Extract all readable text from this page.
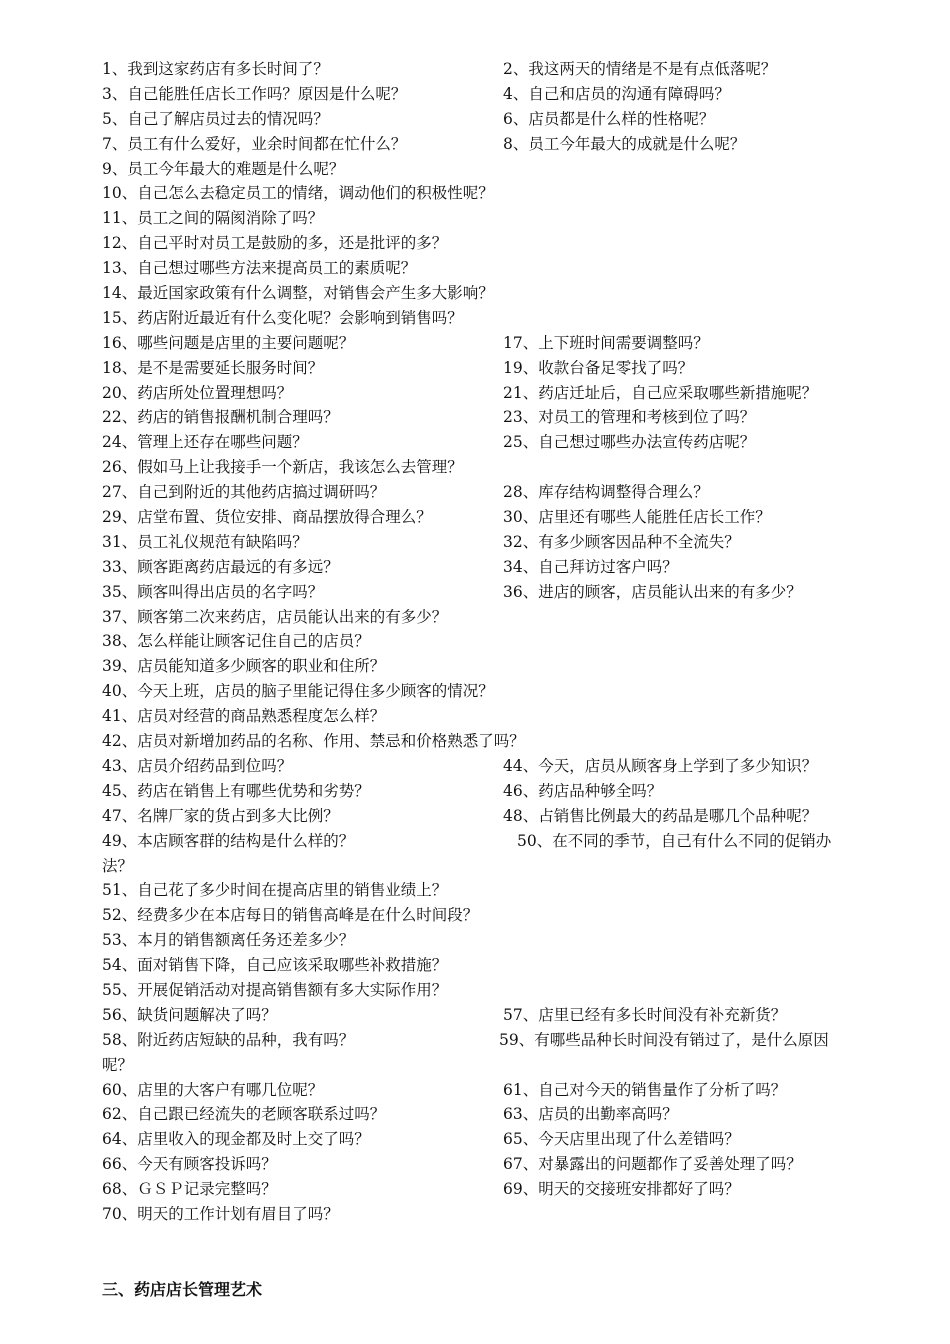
1、我到这家药店有多长时间了？	2、我这两天的情绪是不是有点低落呢？
3、自己能胜任店长工作吗？原因是什么呢？	4、自己和店员的沟通有障碍吗？
5、自己了解店员过去的情况吗？	6、店员都是什么样的性格呢？
7、员工有什么爱好，业余时间都在忙什么？	8、员工今年最大的成就是什么呢？
9、员工今年最大的难题是什么呢？
10、自己怎么去稳定员工的情绪，调动他们的积极性呢？
11、员工之间的隔阂消除了吗？
12、自己平时对员工是鼓励的多，还是批评的多？
13、自己想过哪些方法来提高员工的素质呢？
14、最近国家政策有什么调整，对销售会产生多大影响？
15、药店附近最近有什么变化呢？会影响到销售吗？
16、哪些问题是店里的主要问题呢？	17、上下班时间需要调整吗？
18、是不是需要延长服务时间？	19、收款台备足零找了吗？
20、药店所处位置理想吗？	21、药店迁址后，自己应采取哪些新措施呢？
22、药店的销售报酬机制合理吗？	23、对员工的管理和考核到位了吗？
24、管理上还存在哪些问题？	25、自己想过哪些办法宣传药店呢？
26、假如马上让我接手一个新店，我该怎么去管理？
27、自己到附近的其他药店搞过调研吗？	28、库存结构调整得合理么？
29、店堂布置、货位安排、商品摆放得合理么？	30、店里还有哪些人能胜任店长工作？
31、员工礼仪规范有缺陷吗？	32、有多少顾客因品种不全流失？
33、顾客距离药店最远的有多远？	34、自己拜访过客户吗？
35、顾客叫得出店员的名字吗？	36、进店的顾客，店员能认出来的有多少？
37、顾客第二次来药店，店员能认出来的有多少？
38、怎么样能让顾客记住自己的店员？
39、店员能知道多少顾客的职业和住所？
40、今天上班，店员的脑子里能记得住多少顾客的情况？
41、店员对经营的商品熟悉程度怎么样？
42、店员对新增加药品的名称、作用、禁忌和价格熟悉了吗？
43、店员介绍药品到位吗？	44、今天，店员从顾客身上学到了多少知识？
45、药店在销售上有哪些优势和劣势？	46、药店品种够全吗？
47、名牌厂家的货占到多大比例？	48、占销售比例最大的药品是哪几个品种呢？
49、本店顾客群的结构是什么样的？	50、在不同的季节，自己有什么不同的促销办
法？
51、自己花了多少时间在提高店里的销售业绩上？
52、经费多少在本店每日的销售高峰是在什么时间段？
53、本月的销售额离任务还差多少？
54、面对销售下降，自己应该采取哪些补救措施？
55、开展促销活动对提高销售额有多大实际作用？
56、缺货问题解决了吗？	57、店里已经有多长时间没有补充新货？
58、附近药店短缺的品种，我有吗？	59、有哪些品种长时间没有销过了，是什么原因
呢？
60、店里的大客户有哪几位呢？	61、自己对今天的销售量作了分析了吗？
62、自己跟已经流失的老顾客联系过吗？	63、店员的出勤率高吗？
64、店里收入的现金都及时上交了吗？	65、今天店里出现了什么差错吗？
66、今天有顾客投诉吗？	67、对暴露出的问题都作了妥善处理了吗？
68、ＧＳＰ记录完整吗？	69、明天的交接班安排都好了吗？
70、明天的工作计划有眉目了吗？
三、药店店长管理艺术
